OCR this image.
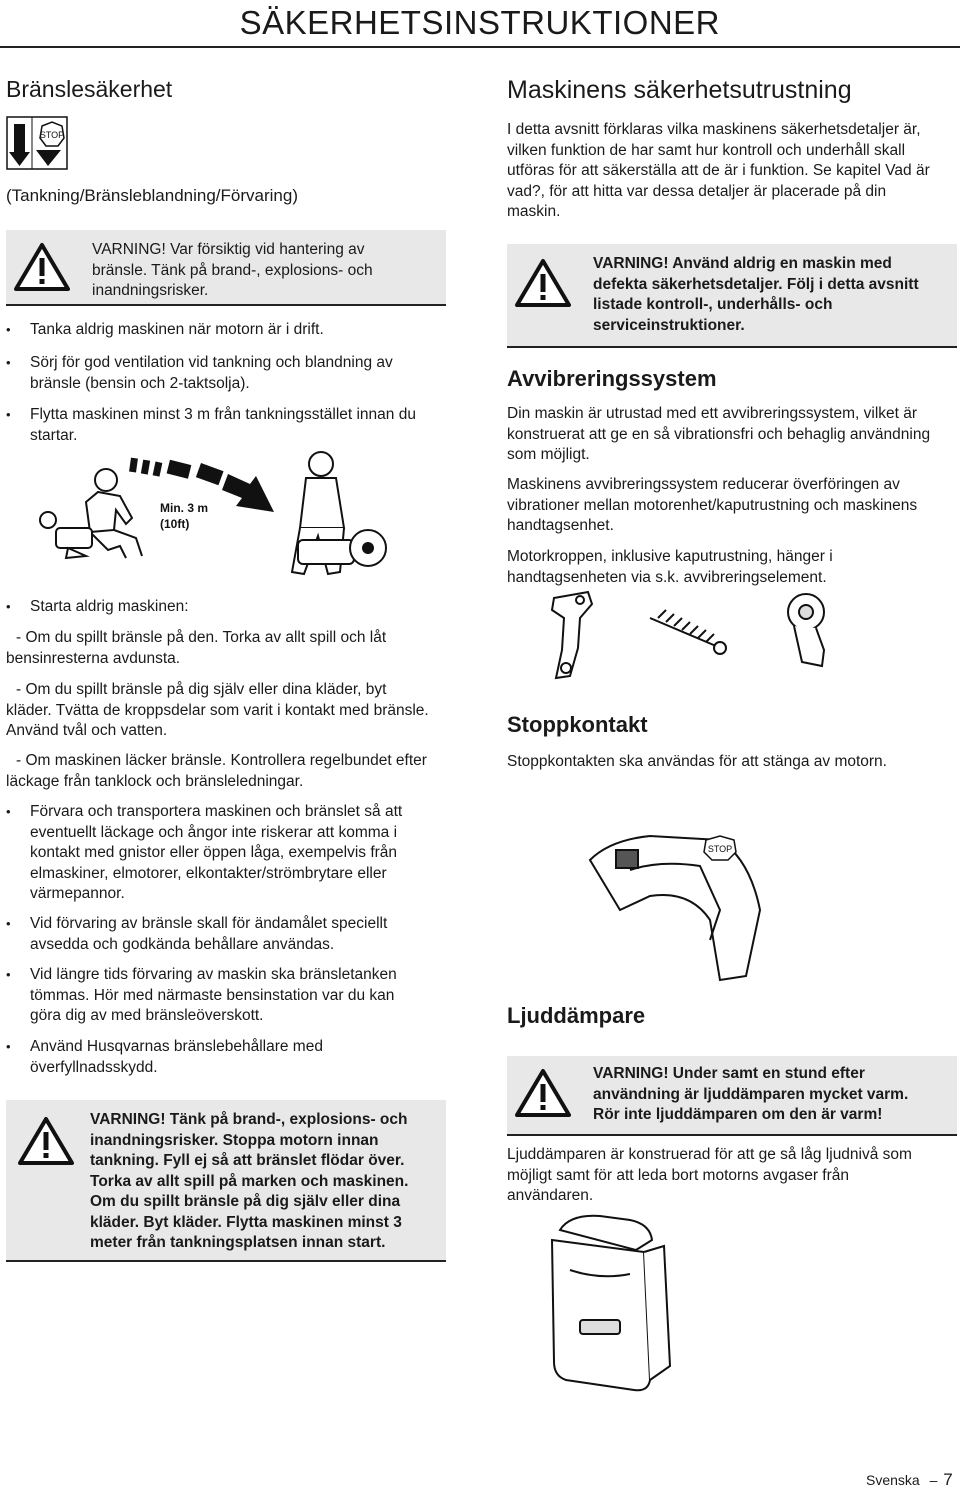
SÄKERHETSINSTRUKTIONER
Bränslesäkerhet
STOP
(Tankning/Bränsleblandning/Förvaring)
VARNING! Var försiktig vid hantering av
bränsle. Tänk på brand-, explosions- och
inandningsrisker.
• Tanka aldrig maskinen när motorn är i drift.
• Sörj för god ventilation vid tankning och blandning av
bränsle (bensin och 2-taktsolja).
• Flytta maskinen minst 3 m från tankningsstället innan du
startar.
Min. 3 m
(10ft)
• Starta aldrig maskinen:
- Om du spillt bränsle på den. Torka av allt spill och låt
bensinresterna avdunsta.
- Om du spillt bränsle på dig själv eller dina kläder, byt
kläder. Tvätta de kroppsdelar som varit i kontakt med bränsle.
Använd tvål och vatten.
- Om maskinen läcker bränsle. Kontrollera regelbundet efter
läckage från tanklock och bränsleledningar.
• Förvara och transportera maskinen och bränslet så att
eventuellt läckage och ångor inte riskerar att komma i
kontakt med gnistor eller öppen låga, exempelvis från
elmaskiner, elmotorer, elkontakter/strömbrytare eller
värmepannor.
• Vid förvaring av bränsle skall för ändamålet speciellt
avsedda och godkända behållare användas.
• Vid längre tids förvaring av maskin ska bränsletanken
tömmas. Hör med närmaste bensinstation var du kan
göra dig av med bränsleöverskott.
• Använd Husqvarnas bränslebehållare med
överfyllnadsskydd.
VARNING! Tänk på brand-, explosions- och
inandningsrisker. Stoppa motorn innan
tankning. Fyll ej så att bränslet flödar över.
Torka av allt spill på marken och maskinen.
Om du spillt bränsle på dig själv eller dina
kläder. Byt kläder. Flytta maskinen minst 3
meter från tankningsplatsen innan start.
Maskinens säkerhetsutrustning
I detta avsnitt förklaras vilka maskinens säkerhetsdetaljer är,
vilken funktion de har samt hur kontroll och underhåll skall
utföras för att säkerställa att de är i funktion. Se kapitel Vad är
vad?, för att hitta var dessa detaljer är placerade på din
maskin.
VARNING! Använd aldrig en maskin med
defekta säkerhetsdetaljer. Följ i detta avsnitt
listade kontroll-, underhålls- och
serviceinstruktioner.
Avvibreringssystem
Din maskin är utrustad med ett avvibreringssystem, vilket är
konstruerat att ge en så vibrationsfri och behaglig användning
som möjligt.
Maskinens avvibreringssystem reducerar överföringen av
vibrationer mellan motorenhet/kaputrustning och maskinens
handtagsenhet.
Motorkroppen, inklusive kaputrustning, hänger i
handtagsenheten via s.k. avvibreringselement.
Stoppkontakt
Stoppkontakten ska användas för att stänga av motorn.
STOP
Ljuddämpare
VARNING! Under samt en stund efter
användning är ljuddämparen mycket varm.
Rör inte ljuddämparen om den är varm!
Ljuddämparen är konstruerad för att ge så låg ljudnivå som
möjligt samt för att leda bort motorns avgaser från
användaren.
Svenska – 7
